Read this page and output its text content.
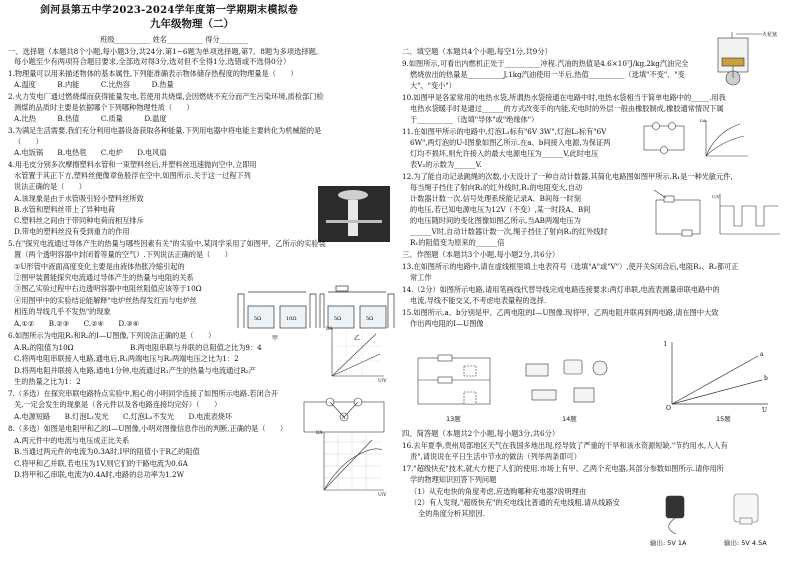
剑河县第五中学2023-2024学年度第一学期期末模拟卷
九年级物理（二）
班级__________ 姓名__________ 得分________
一、选择题（本题共8个小题,每小题3分,共24分.第1~6题为单项选择题,第7、8题为多项选择题,
每小题至少有两项符合题目要求,全部选对得3分,选对但不全得1分,选错或不选得0分）
1.物理量可以用来描述物体的基本属性,下列能准确表示物体储存热程度的物理量是（　　）
A.温度　　　B.内能　　　C.比热容　　　D.热量
2.火力发电厂通过燃烧煤而获得能量发电,若使用共烧煤,会因燃烧不充分而产生污染环境,质检部门检
测煤的品质时主要是依据哪个下列哪种物理性质（　　）
A.比热　　　B.热值　　　C.质量　　　D.温度
3.为满足生活需要,我们充分利用电器设备获取各种能量.下列用电器中将电能主要转化为机械能的是
（　　）
A.电饭锅　　B.电热毯　　C.电炉　　D.电风扇
4.用毛皮分别多次摩擦塑料水管和一束塑料丝后,并塑料丝迅速抛向空中,立即用
水管置于其正下方,塑料丝便像章鱼般浮在空中,如图所示.关于这一过程下列
说法正确的是（　　）
A.该现象是由于水管吸引轻小塑料丝所致
B.水管和塑料丝带上了异种电荷
C.塑料丝之间由于带同种电荷而相互排斥
D.带电的塑料丝没有受到重力的作用
5.在"探究电流通过导体产生的热量与哪些因素有关"的实验中,某同学采用了如图甲、乙所示的实验装
置（两个透明容器中封闭着等量的空气）.下列说法正确的是（　　）
①U形管中液面高度变化主要是由液体热胀冷缩引起的
②图甲装置能探究电流通过导体产生的热量与电阻的关系
③图乙实验过程中右边透明容器中电阻丝阻值应该等于10Ω
④用图甲中的实验结论能解释"电炉丝热得发红而与电炉丝
相连的导线几乎不发热"的现象
A.①②　　B.②③　　C.②④　　D.③④	5Ω	10Ω	5Ω	5Ω
甲	乙
6.如图所示为电阻R₁和R₂的I—U图像,下列说法正确的是（　　）
A.R₂的阻值为10Ω	B.两电阻串联与并联的总阻值之比为9：4
C.将两电阻串联接入电路,通电后,R₁两端电压与R₂两端电压之比为1：2
D.将两电阻并联接入电路,通电1分钟,电流通过R₁产生的热量与电流通过R₂产
生的热量之比为1：2
I/A
U/V
7.（多选）在探究串联电路特点实验中,粗心的小明同学连接了如图所示电路.若闭合开
关,一定会发生的现象是（各元件以及各电路连接均完好）（　　）
A.电源短路　　B.灯泡L₁发光　　C.灯泡L₂不发光　　D.电流表烧坏	A
8.（多选）如图是电阻甲和乙的I—U图像,小明对图像信息作出的判断,正确的是（　　）
A.两元件中的电流与电压成正比关系
B.当通过两元件的电流为0.3A时,I甲的阻值小于R乙的阻值
C.将甲和乙并联,若电压为1V,则它们的干路电流为0.6A
D.将甲和乙串联,电流为0.4A时,电路的总功率为1.2W
I/A
U/V
二、填空题（本题共4个小题,每空1分,共9分）
9.如图所示,可看出内燃机正处于__________冲程.汽油的热值是4.6×10⁷J/kg,2kg汽油完全
燃烧放出的热量是__________J,1kg汽油使用一半后,热值__________（选填"不变"、"变
大"、"变小"）
火花塞
10.如图甲是各家常用的电热水袋,所谓热水袋接通在电路中时,电热水袋相当于简单电路中的_____.用我
电热水袋暖手时是通过______的方式改变手的内能,充电时的外层一般由橡胶制成,橡胶通常情况下属
于__________（选填"导体"或"绝缘体"）
11.在如图甲所示的电路中,灯泡L₁标有"6V 3W",灯泡L₂标有"6V
6W",两灯泡的U-I图象如图乙所示.在a、b间接入电源,为保证两
灯均不损坏,则允许接入的最大电源电压为______V,此时电压
表V₂的示数为______V.
I/A
12.为了能自动记录跳绳的次数,小天设计了一种自动计数器,其简化电路图如图甲所示.R₁是一种光敏元件,
每当绳子挡住了射向R₁的红外线时,R₁的电阻变大,自动
计数器计数一次.信号处理系统能记录A、B间每一时刻
的电压,若已知电源电压为12V（不变）,某一时段A、B间
的电压随时间的变化图像如图乙所示,当AB两端电压为
______V时,自动计数器计数一次,绳子挡住了射向R₁的红外线时
R₁的阻值变为原来的______倍
U/V
三、作图题（本题共3个小题,每小题2分,共6分）
13.在如图所示的电路中,请在虚线框里填上电表符号（选填"A"或"V"）,使开关S闭合后,电阻R₁、R₂都可正
常工作
14.（2分）如图所示电路,请用笔画线代替导线完成电路连接要求:两灯串联,电流表测量串联电路中的
电流,导线不能交叉,不考虑电表量程的选择.
15.如图所示,a、b分别是甲、乙两电阻的I—U图像.现将甲、乙两电阻并联再到两电路,请在图中大致
作出两电阻的I—U图像
13题	14题
I
U
O
a
b
15题
四、简答题（本题共2个小题,每小题3分,共6分）
16.去年夏季,贵州局部地区天气在我国多地出现,经导致了严重的干旱和该水资源短缺."节约用水,人人有
责",请说说在平日生活中节水的做法（列举两条即可）
17."超级快充"技术,就大方便了人们的使用.市场上有甲、乙两个充电器,其部分参数如图所示.请你用所
学的物理知识回答下列问题
（1）从充电快的角度考虑,应选购哪种充电器?说明理由
（2）有人发现,"超级快充"的充电线比普通的充电线粗.请从线路安
全的角度分析其原因.
输出: 5V 1A	输出: 5V 4.5A
